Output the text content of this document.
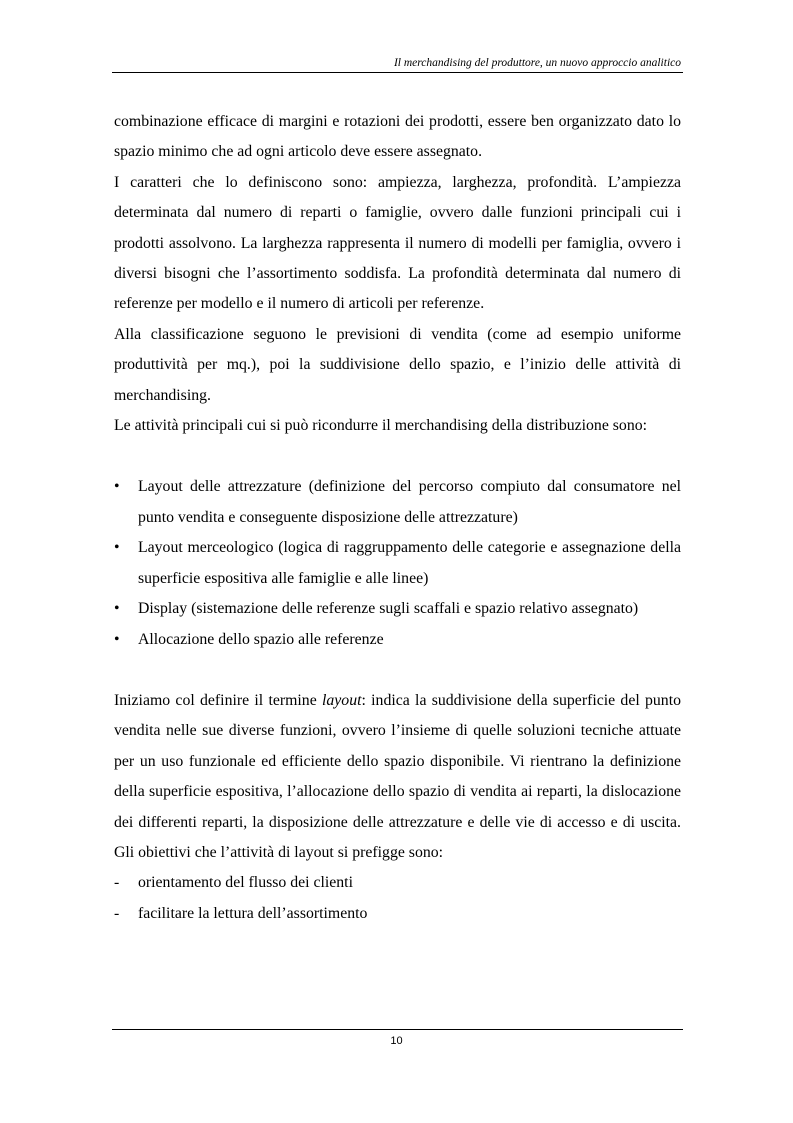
Il merchandising del produttore, un nuovo approccio analitico

combinazione efficace di margini e rotazioni dei prodotti, essere ben organizzato dato lo spazio minimo che ad ogni articolo deve essere assegnato.

I caratteri che lo definiscono sono: ampiezza, larghezza, profondità. L’ampiezza determinata dal numero di reparti o famiglie, ovvero dalle funzioni principali cui i prodotti assolvono. La larghezza rappresenta il numero di modelli per famiglia, ovvero i diversi bisogni che l’assortimento soddisfa. La profondità determinata dal numero di referenze per modello e il numero di articoli per referenze.

Alla classificazione seguono le previsioni di vendita (come ad esempio uniforme produttività per mq.), poi la suddivisione dello spazio, e l’inizio delle attività di merchandising.

Le attività principali cui si può ricondurre il merchandising della distribuzione sono:

• Layout delle attrezzature (definizione del percorso compiuto dal consumatore nel punto vendita e conseguente disposizione delle attrezzature)
• Layout merceologico (logica di raggruppamento delle categorie e assegnazione della superficie espositiva alle famiglie e alle linee)
• Display (sistemazione delle referenze sugli scaffali e spazio relativo assegnato)
• Allocazione dello spazio alle referenze

Iniziamo col definire il termine layout: indica la suddivisione della superficie del punto vendita nelle sue diverse funzioni, ovvero l’insieme di quelle soluzioni tecniche attuate per un uso funzionale ed efficiente dello spazio disponibile. Vi rientrano la definizione della superficie espositiva, l’allocazione dello spazio di vendita ai reparti, la dislocazione dei differenti reparti, la disposizione delle attrezzature e delle vie di accesso e di uscita. Gli obiettivi che l’attività di layout si prefigge sono:

- orientamento del flusso dei clienti
- facilitare la lettura dell’assortimento
10
